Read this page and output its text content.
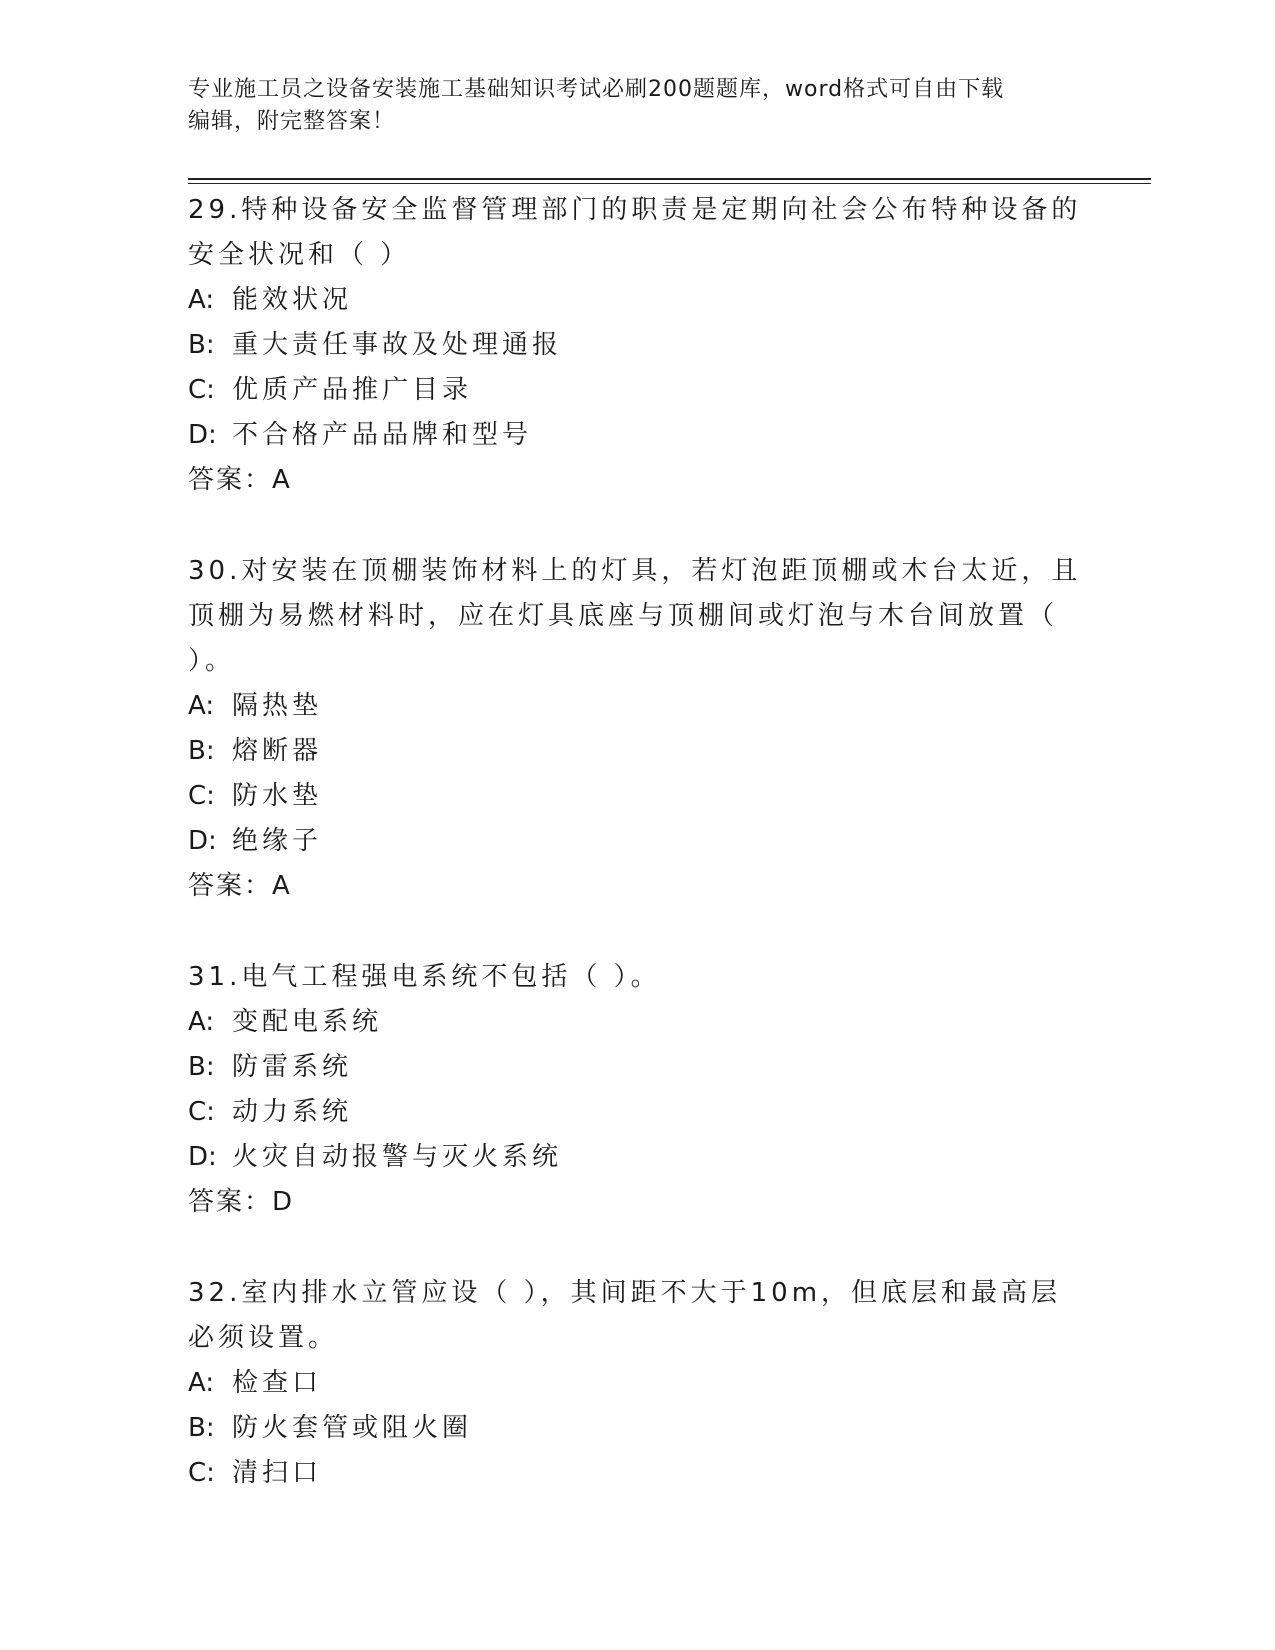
专业施工员之设备安装施工基础知识考试必刷200题题库，word格式可自由下载
编辑，附完整答案！
29.特种设备安全监督管理部门的职责是定期向社会公布特种设备的安全状况和（ ）
A: 能效状况
B: 重大责任事故及处理通报
C: 优质产品推广目录
D: 不合格产品品牌和型号
答案：A
30.对安装在顶棚装饰材料上的灯具，若灯泡距顶棚或木台太近，且顶棚为易燃材料时，应在灯具底座与顶棚间或灯泡与木台间放置（ ）。
A: 隔热垫
B: 熔断器
C: 防水垫
D: 绝缘子
答案：A
31.电气工程强电系统不包括（ ）。
A: 变配电系统
B: 防雷系统
C: 动力系统
D: 火灾自动报警与灭火系统
答案：D
32.室内排水立管应设（ ），其间距不大于10m，但底层和最高层必须设置。
A: 检查口
B: 防火套管或阻火圈
C: 清扫口
